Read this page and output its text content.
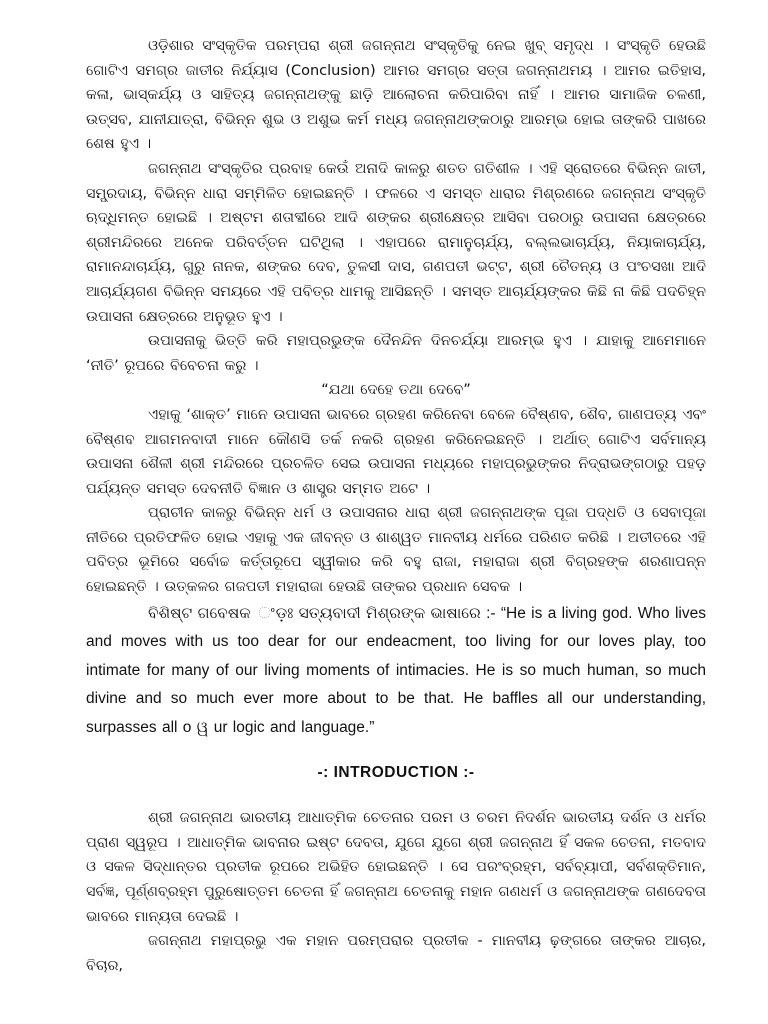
ଓଡ଼ିଶାର ସଂସ୍କୃତିକ ପରମ୍ପରା ଶ୍ରୀ ଜଗନ୍ନାଥ ସଂସ୍କୃତିକୁ ନେଇ ଖୁବ୍ ସମୃଦ୍ଧ । ସଂସ୍କୃତି ହେଉଛି ଗୋଟିଏ ସମଗ୍ର ଜାତୀର ନିର୍ଯ୍ୟାସ (Conclusion) ଆମର ସମଗ୍ର ସତ୍ତା ଜଗନ୍ନାଥମୟ । ଆମର ଇତିହାସ, କଳା, ଭାସ୍କର୍ଯ୍ୟ ଓ ସାହିତ୍ୟ ଜଗନ୍ନାଥଙ୍କୁ ଛାଡ଼ି ଆଲୋଚନା କରିପାରିବା ନାହିଁ । ଆମର ସାମାଜିକ ଚଳଣୀ, ଉତ୍ସବ, ଯାନୀଯାତ୍ରା, ବିଭିନ୍ନ ଶୁଭ ଓ ଅଶୁଭ କର୍ମ ମଧ୍ୟ ଜଗନ୍ନାଥଙ୍କଠାରୁ ଆରମ୍ଭ ହୋଇ ତାଙ୍କରି ପାଖରେ ଶେଷ ହୁଏ ।

ଜଗନ୍ନାଥ ସଂସ୍କୃତିର ପ୍ରବାହ କେଉଁ ଅନାଦି କାଳରୁ ଶତତ ଗତିଶୀଳ । ଏହି ସ୍ରୋତରେ ବିଭିନ୍ନ ଜାତୀ, ସମ୍ପ୍ରଦାୟ, ବିଭିନ୍ନ ଧାରା ସମ୍ମିଳିତ ହୋଇଛନ୍ତି । ଫଳରେ ଏ ସମସ୍ତ ଧାରାର ମିଶ୍ରଣରେ ଜଗନ୍ନାଥ ସଂସ୍କୃତି ଋଦ୍ଧିମନ୍ତ ହୋଇଛି । ଅଷ୍ଟମ ଶତାବ୍ଦୀରେ ଆଦି ଶଙ୍କର ଶ୍ରୀକ୍ଷେତ୍ର ଆସିବା ପରଠାରୁ ଉପାସନା କ୍ଷେତ୍ରରେ ଶ୍ରୀମନ୍ଦିରରେ ଅନେକ ପରିବର୍ତ୍ତନ ଘଟିଥିଲା । ଏହାପରେ ରାମାନୁଚାର୍ଯ୍ୟ, ବଲ୍ଲଭାଚାର୍ଯ୍ୟ, ନିୟାକାଚାର୍ଯ୍ୟ, ରାମାନନ୍ଦାଚାର୍ଯ୍ୟ, ଗୁରୁ ନାନକ, ଶଙ୍କର ଦେବ, ତୁଳସୀ ଦାସ, ଗଣପତୀ ଭଟ୍ଟ, ଶ୍ରୀ ଚୈତନ୍ୟ ଓ ପଂଚସଖା ଆଦି ଆଚାର୍ଯ୍ୟଗଣ ବିଭିନ୍ନ ସମୟରେ ଏହି ପବିତ୍ର ଧାମକୁ ଆସିଛନ୍ତି । ସମସ୍ତ ଆଚାର୍ଯ୍ୟଙ୍କର କିଛି ନା କିଛି ପଦଚିହ୍ନ ଉପାସନା କ୍ଷେତ୍ରରେ ଅନୁଭୂତ ହୁଏ ।

ଉପାସନାକୁ ଭିତ୍ତି କରି ମହାପ୍ରଭୁଙ୍କ ଦୈନନ୍ଦିନ ଦିନଚର୍ଯ୍ୟା ଆରମ୍ଭ ହୁଏ । ଯାହାକୁ ଆମେମାନେ ‘ନୀତି’ ରୂପରେ ବିବେଚନା କରୁ ।

“ଯଥା ଦେହେ ତଥା ଦେବେ”

ଏହାକୁ ‘ଶାକ୍ତ’ ମାନେ ଉପାସନା ଭାବରେ ଗ୍ରହଣ କରିନେବା ବେଳେ ବୈଷ୍ଣବ, ଶୈବ, ଗାଣପତ୍ୟ ଏବଂ ବୈଷ୍ଣବ ଆଗମନବାଦୀ ମାନେ କୌଣସି ତର୍କ ନକରି ଗ୍ରହଣ କରିନେଇଛନ୍ତି । ଅର୍ଥାତ୍ ଗୋଟିଏ ସର୍ବମାନ୍ୟ ଉପାସନା ଶୈଳୀ ଶ୍ରୀ ମନ୍ଦିରରେ ପ୍ରଚଳିତ ସେଇ ଉପାସନା ମଧ୍ୟରେ ମହାପ୍ରଭୁଙ୍କର ନିଦ୍ରାଭଙ୍ଗଠାରୁ ପହଡ଼ ପର୍ଯ୍ୟନ୍ତ ସମସ୍ତ ଦେବନୀତି ବିଜ୍ଞାନ ଓ ଶାସ୍ତ୍ର ସମ୍ମତ ଅଟେ ।

ପ୍ରାଚୀନ କାଳରୁ ବିଭିନ୍ନ ଧର୍ମ ଓ ଉପାସନାର ଧାରା ଶ୍ରୀ ଜଗନ୍ନାଥଙ୍କ ପୂଜା ପଦ୍ଧତି ଓ ସେବାପୂଜା ନୀତିରେ ପ୍ରତିଫଳିତ ହୋଇ ଏହାକୁ ଏକ ଜୀବନ୍ତ ଓ ଶାଶ୍ୱତ ମାନବୀୟ ଧର୍ମରେ ପରିଣତ କରିଛି । ଅତୀତରେ ଏହି ପବିତ୍ର ଭୂମିରେ ସର୍ବୋଚ୍ଚ କର୍ତ୍ତାରୂପେ ସ୍ୱୀକାର କରି ବହୁ ରାଜା, ମହାରାଜା ଶ୍ରୀ ବିଗ୍ରହଙ୍କ ଶରଣାପନ୍ନ ହୋଇଛନ୍ତି । ଉତ୍କଳର ଗଜପତୀ ମହାରାଜା ହେଉଛି ତାଙ୍କର ପ୍ରଧାନ ସେବକ ।

ବିଶିଷ୍ଟ ଗବେଷକ ଂଡ଼ଃ ସତ୍ୟବାଦୀ ମିଶ୍ରଙ୍କ ଭାଷାରେ :- “He is a living god. Who lives and moves with us too dear for our endeacment, too living for our loves play, too intimate for many of our living moments of intimacies. He is so much human, so much divine and so much ever more about to be that. He baffles all our understanding, surpasses all o ୱ ur logic and language.”

-: INTRODUCTION :-

ଶ୍ରୀ ଜଗନ୍ନାଥ ଭାରତୀୟ ଆଧାତ୍ମିକ ଚେତନାର ପରମ ଓ ଚରମ ନିଦର୍ଶନ ଭାରତୀୟ ଦର୍ଶନ ଓ ଧର୍ମର ପ୍ରାଣ ସ୍ୱରୂପ । ଆଧାତ୍ମିକ ଭାବନାର ଇଷ୍ଟ ଦେବତା, ଯୁଗେ ଯୁଗେ ଶ୍ରୀ ଜଗନ୍ନାଥ ହିଁ ସକଳ ଚେତନା, ମତବାଦ ଓ ସକଳ ସିଦ୍ଧାନ୍ତର ପ୍ରତୀକ ରୂପରେ ଅଭିହିତ ହୋଇଛନ୍ତି । ସେ ପରଂବ୍ରହ୍ମ, ସର୍ବବ୍ୟାପୀ, ସର୍ବଶକ୍ତିମାନ, ସର୍ବଜ୍ଞ, ପୂର୍ଣ୍ଣବ୍ରହ୍ମ ପୁରୁଷୋତ୍ତମ ଚେତନା ହିଁ ଜଗନ୍ନାଥ ଚେତନାକୁ ମହାନ ଗଣଧର୍ମ ଓ ଜଗନ୍ନାଥଙ୍କ ଗଣଦେବତା ଭାବରେ ମାନ୍ୟତା ଦେଇଛି ।

ଜଗନ୍ନାଥ ମହାପ୍ରଭୁ ଏକ ମହାନ ପରମ୍ପରାର ପ୍ରତୀକ - ମାନବୀୟ ଢ଼ଙ୍ଗରେ ତାଙ୍କର ଆଚାର, ବିଚାର,
